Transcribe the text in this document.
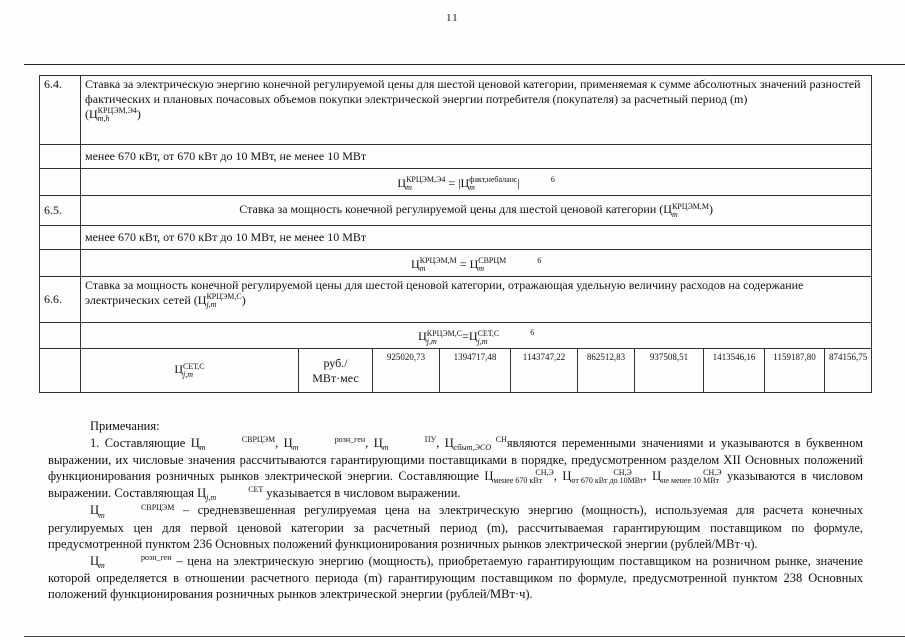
11
6.4.	Ставка за электрическую энергию конечной регулируемой цены для шестой ценовой категории, применяемая к сумме абсолютных значений разностей фактических и плановых почасовых объемов покупки электрической энергии потребителя (покупателя) за расчетный период (m)
(ЦКРЦЭМ,Э4
m,h )									
	менее 670 кВт, от 670 кВт до 10 МВт, не менее 10 МВт									
	ЦКРЦЭМ,Э4
m = |Цфакт,небаланс
m | $^6$
6.5.	Ставка за мощность конечной регулируемой цены для шестой ценовой категории (ЦКРЦЭМ,М
m )									
	менее 670 кВт, от 670 кВт до 10 МВт, не менее 10 МВт									
	ЦКРЦЭМ,М
m = ЦСВРЦМ
m $^6$
6.6.	Ставка за мощность конечной регулируемой цены для шестой ценовой категории, отражающая удельную величину расходов на содержание электрических сетей (ЦКРЦЭМ,С
j,m )									
	ЦКРЦЭМ,С
j,m =ЦСЕТ,С
j,m $^6$
	ЦСЕТ,С
j,m	руб./
МВт·мес	925020,73	1394717,48	1143747,22	862512,83	937508,51	1413546,16	1159187,80	874156,75

Примечания:

1. Составляющие Ц	СВРЦЭМ
m	, Ц	розн_ген
m	, Ц	ПУ
m	, Ц	СН
сбыт,ЭСО являются переменными значениями и указываются в буквенном выражении, их числовые значения рассчитываются гарантирующими поставщиками в порядке, предусмотренном разделом XII Основных положений функционирования розничных рынков электрической энергии. Составляющие Ц	СН,Э
менее 670 кВт , Ц	СН,Э
от 670 кВт до 10МВт, Ц	СН,Э
не менее 10 МВт указываются в числовом выражении. Составляющая Ц	СЕТ
j,m	указывается в числовом выражении.

Ц	СВРЦЭМ
m	– средневзвешенная регулируемая цена на электрическую энергию (мощность), используемая для расчета конечных регулируемых цен для первой ценовой категории за расчетный период (m), рассчитываемая гарантирующим поставщиком по формуле, предусмотренной пунктом 236 Основных положений функционирования розничных рынков электрической энергии (рублей/МВт·ч).

Ц	розн_ген
m	– цена на электрическую энергию (мощность), приобретаемую гарантирующим поставщиком на розничном рынке, значение которой определяется в отношении расчетного периода (m) гарантирующим поставщиком по формуле, предусмотренной пунктом 238 Основных положений функционирования розничных рынков электрической энергии (рублей/МВт·ч).
